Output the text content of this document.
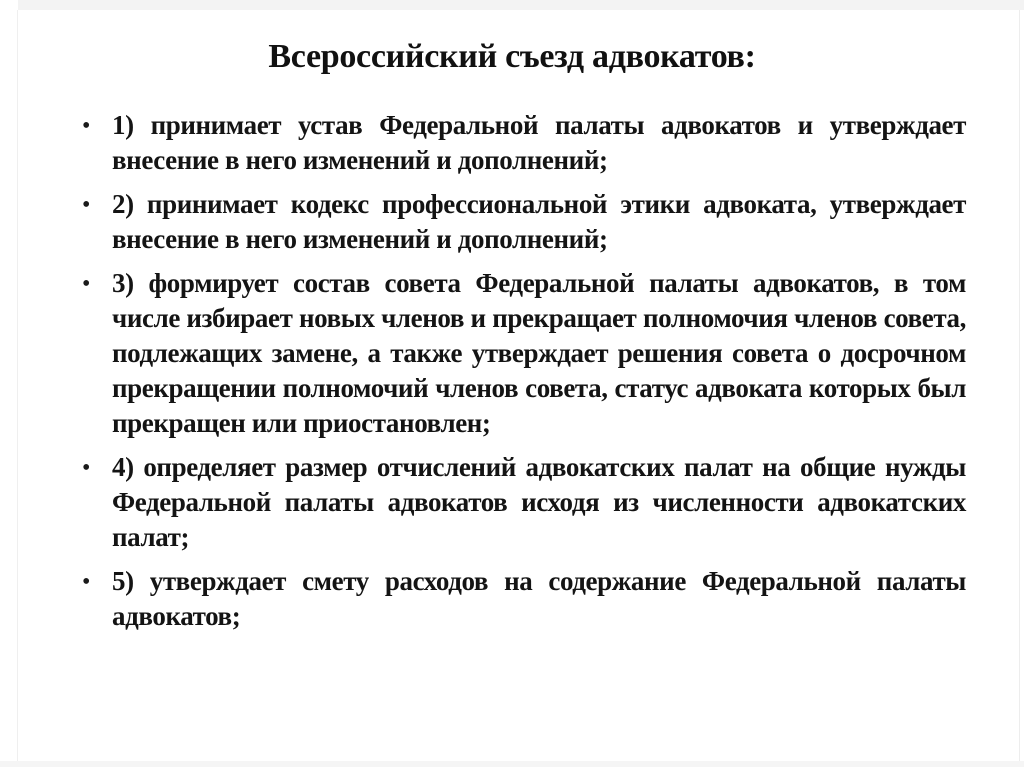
Всероссийский съезд адвокатов:
• 1) принимает устав Федеральной палаты адвокатов и утверждает внесение в него изменений и дополнений;
• 2) принимает кодекс профессиональной этики адвоката, утверждает внесение в него изменений и дополнений;
• 3) формирует состав совета Федеральной палаты адвокатов, в том числе избирает новых членов и прекращает полномочия членов совета, подлежащих замене, а также утверждает решения совета о досрочном прекращении полномочий членов совета, статус адвоката которых был прекращен или приостановлен;
• 4) определяет размер отчислений адвокатских палат на общие нужды Федеральной палаты адвокатов исходя из численности адвокатских палат;
• 5) утверждает смету расходов на содержание Федеральной палаты адвокатов;
